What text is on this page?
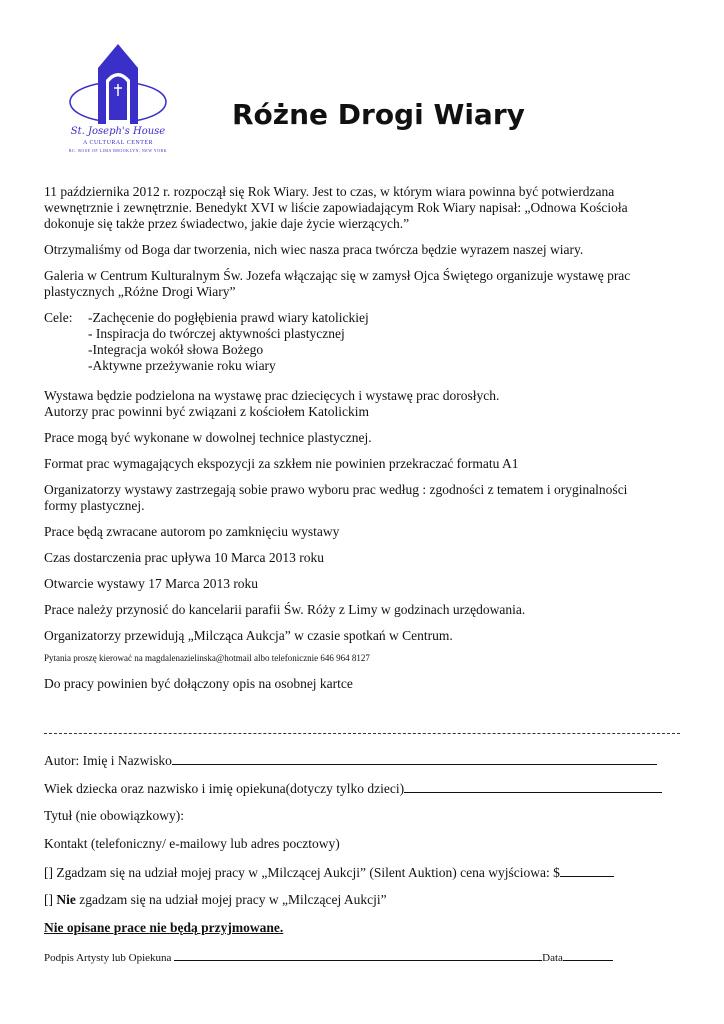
St. Joseph's House
A CULTURAL CENTER
RC. ROSE OF LIMA BROOKLYN, NEW YORK
Różne Drogi Wiary

11 października 2012 r. rozpoczął się Rok Wiary. Jest to czas, w którym wiara powinna być potwierdzana

wewnętrznie i zewnętrznie. Benedykt XVI w liście zapowiadającym Rok Wiary napisał: „Odnowa Kościoła

dokonuje się także przez świadectwo, jakie daje życie wierzących.”

Otrzymaliśmy od Boga dar tworzenia, nich wiec nasza praca twórcza będzie wyrazem naszej wiary.

Galeria w Centrum Kulturalnym Św. Jozefa włączając się w zamysł Ojca Świętego organizuje wystawę prac

plastycznych „Różne Drogi Wiary”

Cele:	-Zachęcenie do pogłębienia prawd wiary katolickiej
- Inspiracja do twórczej aktywności plastycznej
-Integracja wokół słowa Bożego
-Aktywne przeżywanie roku wiary

Wystawa będzie podzielona na wystawę prac dziecięcych i wystawę prac dorosłych.

Autorzy prac powinni być związani z kościołem Katolickim

Prace mogą być wykonane w dowolnej technice plastycznej.

Format prac wymagających ekspozycji za szkłem nie powinien przekraczać formatu A1

Organizatorzy wystawy zastrzegają sobie prawo wyboru prac według : zgodności z tematem i oryginalności

formy plastycznej.

Prace będą zwracane autorom po zamknięciu wystawy

Czas dostarczenia prac upływa 10 Marca 2013 roku

Otwarcie wystawy 17 Marca 2013 roku

Prace należy przynosić do kancelarii parafii Św. Róży z Limy w godzinach urzędowania.

Organizatorzy przewidują „Milcząca Aukcja” w czasie spotkań w Centrum.

Pytania proszę kierować na magdalenazielinska@hotmail albo telefonicznie 646 964 8127

Do pracy powinien być dołączony opis na osobnej kartce

Autor: Imię i Nazwisko
Wiek dziecka oraz nazwisko i imię opiekuna(dotyczy tylko dzieci)
Tytuł (nie obowiązkowy):
Kontakt (telefoniczny/ e-mailowy lub adres pocztowy)
[] Zgadzam się na udział mojej pracy w „Milczącej Aukcji” (Silent Auktion) cena wyjściowa: $
[] Nie zgadzam się na udział mojej pracy w „Milczącej Aukcji”
Nie opisane prace nie będą przyjmowane.
Podpis Artysty lub Opiekuna	Data
